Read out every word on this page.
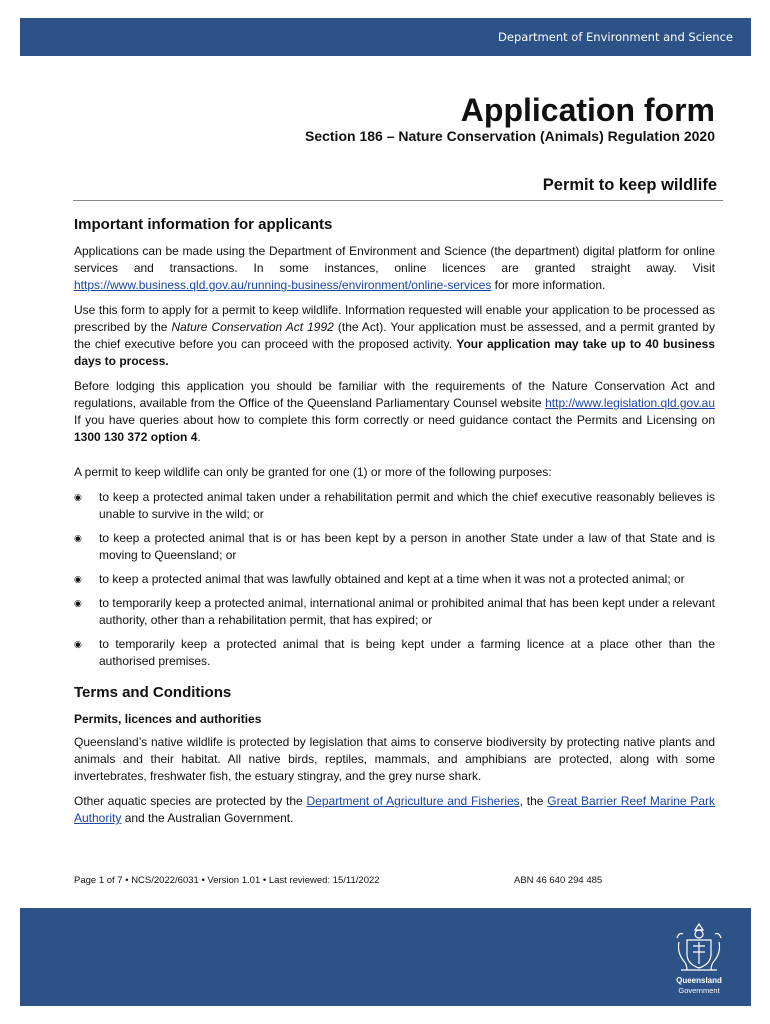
Department of Environment and Science
Application form
Section 186 – Nature Conservation (Animals) Regulation 2020
Permit to keep wildlife
Important information for applicants

Applications can be made using the Department of Environment and Science (the department) digital platform for online services and transactions. In some instances, online licences are granted straight away. Visit https://www.business.qld.gov.au/running-business/environment/online-services for more information.

Use this form to apply for a permit to keep wildlife. Information requested will enable your application to be processed as prescribed by the Nature Conservation Act 1992 (the Act). Your application must be assessed, and a permit granted by the chief executive before you can proceed with the proposed activity. Your application may take up to 40 business days to process.

Before lodging this application you should be familiar with the requirements of the Nature Conservation Act and regulations, available from the Office of the Queensland Parliamentary Counsel website http://www.legislation.qld.gov.au If you have queries about how to complete this form correctly or need guidance contact the Permits and Licensing on 1300 130 372 option 4.

A permit to keep wildlife can only be granted for one (1) or more of the following purposes:

◉ to keep a protected animal taken under a rehabilitation permit and which the chief executive reasonably believes is unable to survive in the wild; or
◉ to keep a protected animal that is or has been kept by a person in another State under a law of that State and is moving to Queensland; or
◉ to keep a protected animal that was lawfully obtained and kept at a time when it was not a protected animal; or
◉ to temporarily keep a protected animal, international animal or prohibited animal that has been kept under a relevant authority, other than a rehabilitation permit, that has expired; or
◉ to temporarily keep a protected animal that is being kept under a farming licence at a place other than the authorised premises.
Terms and Conditions
Permits, licences and authorities

Queensland’s native wildlife is protected by legislation that aims to conserve biodiversity by protecting native plants and animals and their habitat. All native birds, reptiles, mammals, and amphibians are protected, along with some invertebrates, freshwater fish, the estuary stingray, and the grey nurse shark.

Other aquatic species are protected by the Department of Agriculture and Fisheries, the Great Barrier Reef Marine Park Authority and the Australian Government.

Page 1 of 7 • NCS/2022/6031 • Version 1.01 • Last reviewed: 15/11/2022	ABN 46 640 294 485
Queensland
Government
